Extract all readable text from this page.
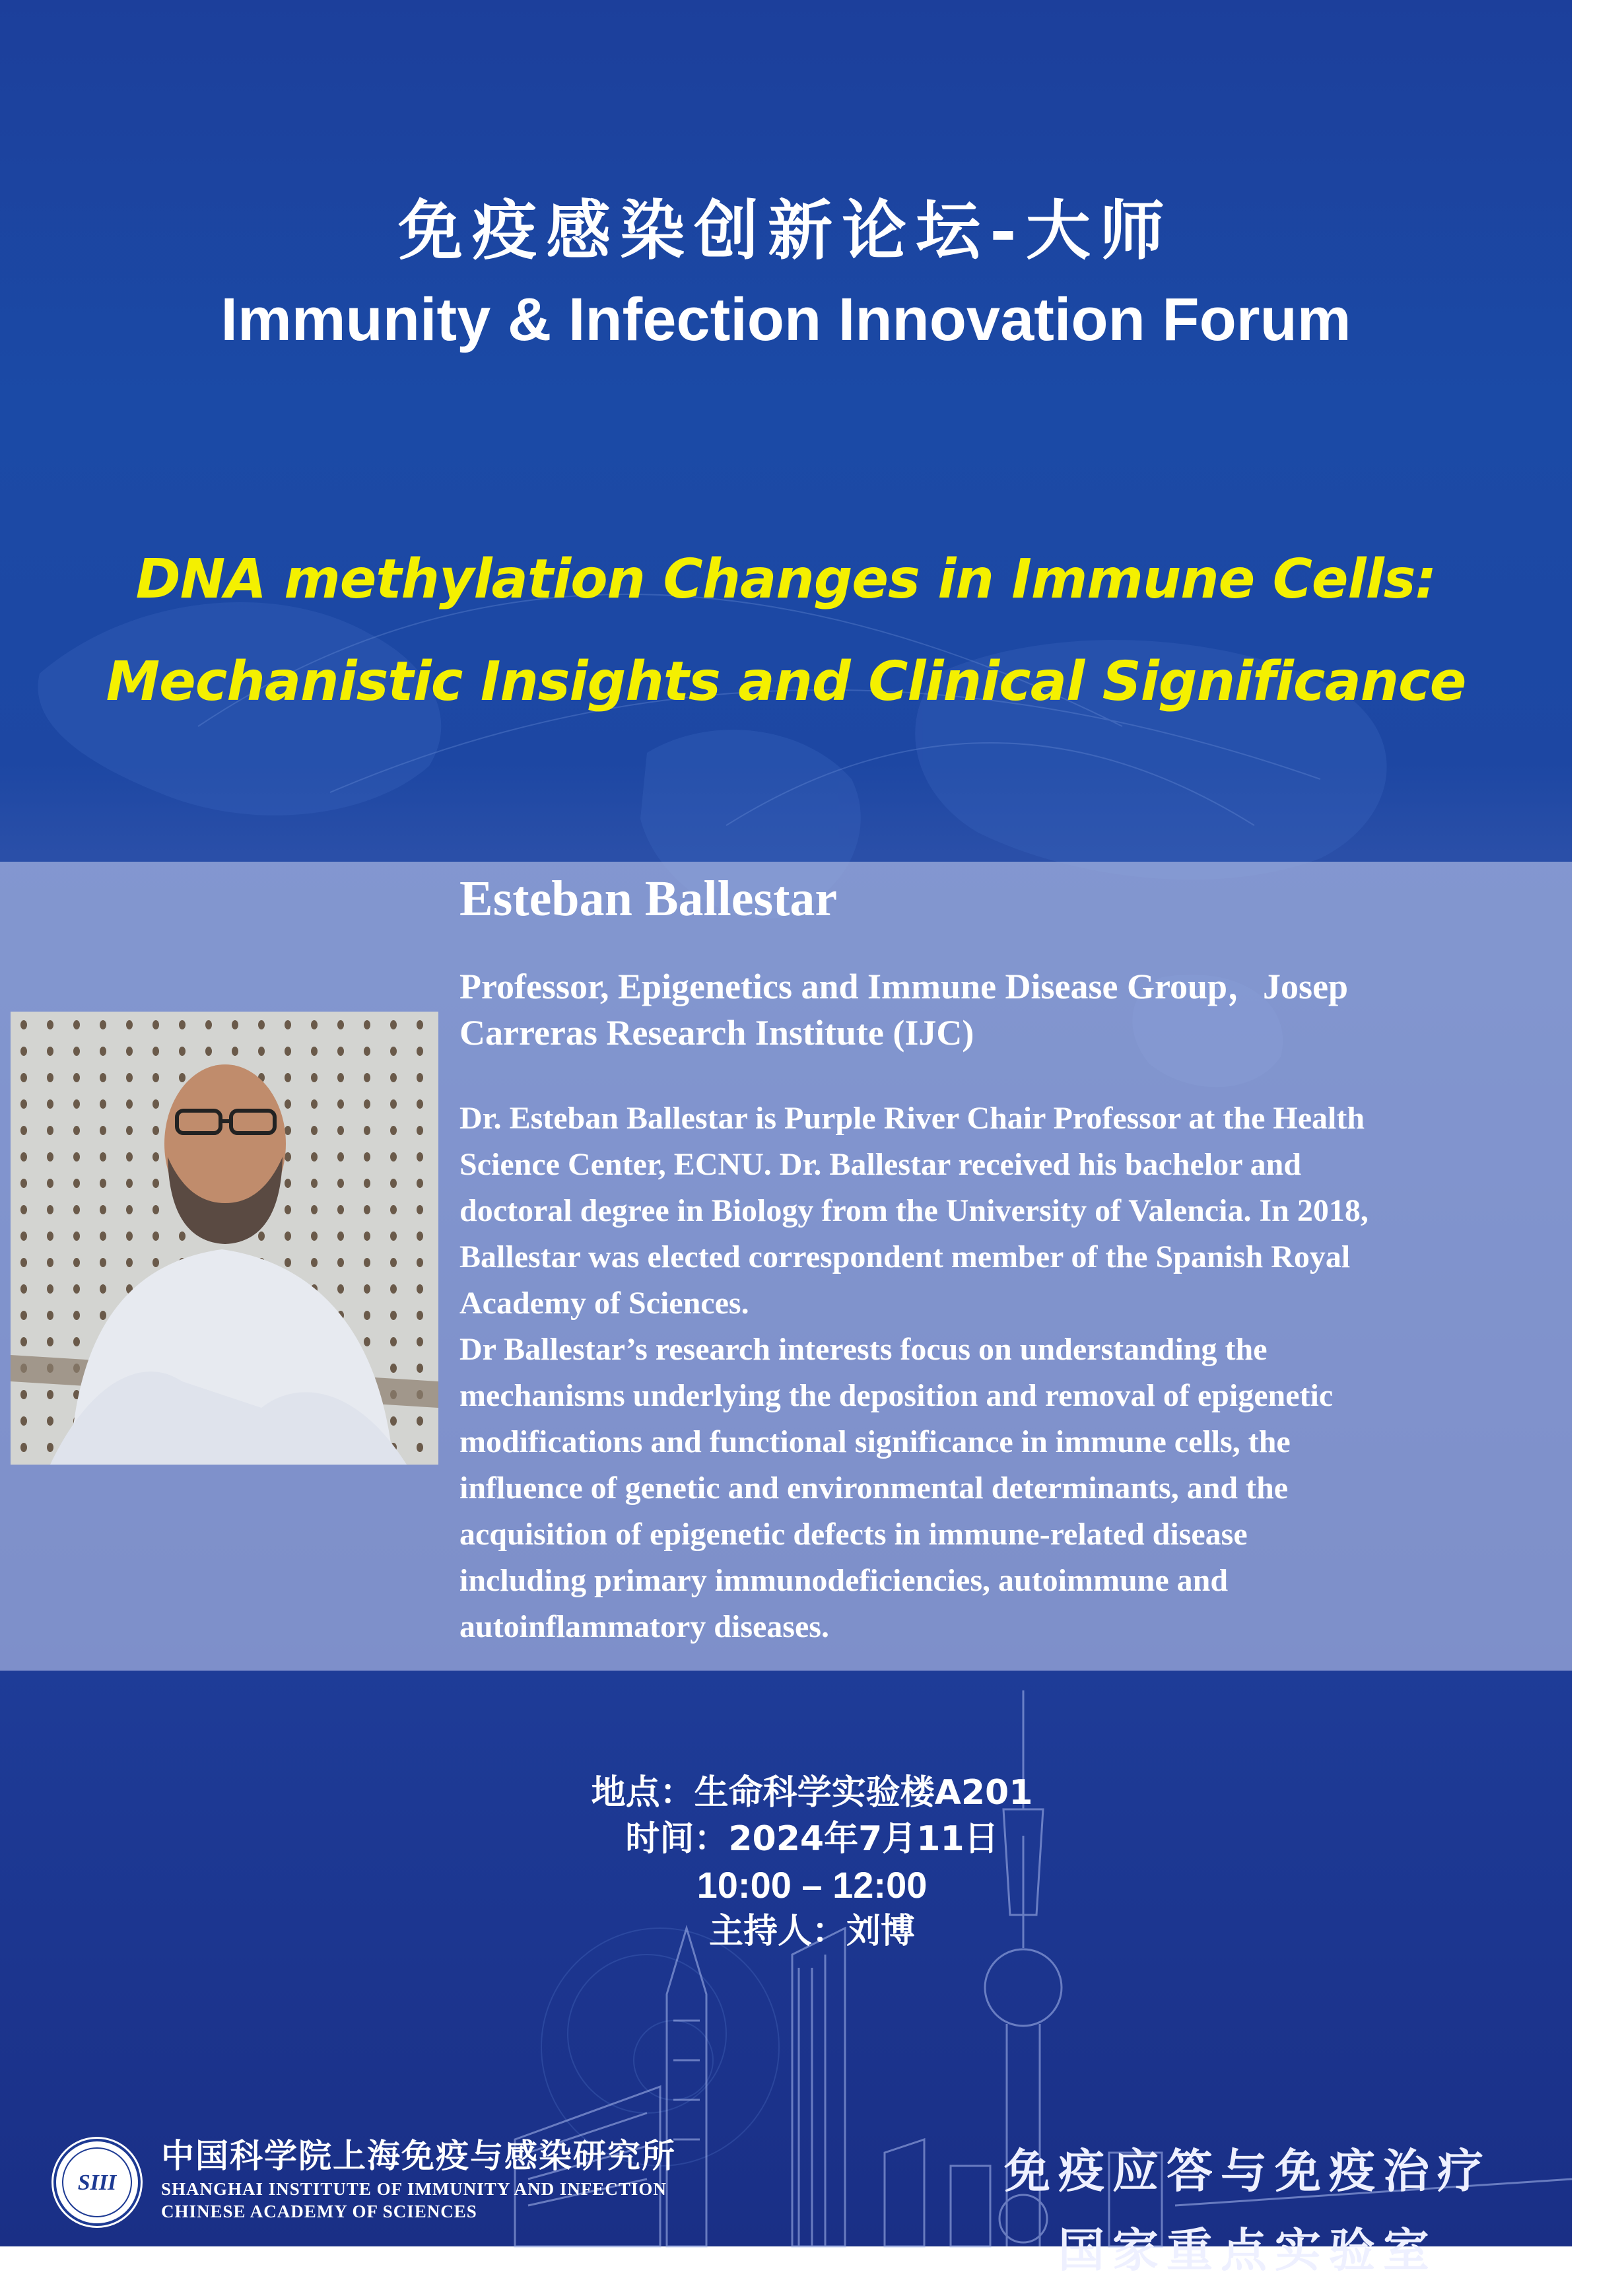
免疫感染创新论坛-大师
Immunity & Infection Innovation Forum
DNA methylation Changes in Immune Cells:
Mechanistic Insights and Clinical Significance
Esteban Ballestar
Professor, Epigenetics and Immune Disease Group，Josep
Carreras Research Institute (IJC)
Dr. Esteban Ballestar is Purple River Chair Professor at the Health
Science Center, ECNU. Dr. Ballestar received his bachelor and
doctoral degree in Biology from the University of Valencia. In 2018,
Ballestar was elected correspondent member of the Spanish Royal
Academy of Sciences.
Dr Ballestar’s research interests focus on understanding the
mechanisms underlying the deposition and removal of epigenetic
modifications and functional significance in immune cells, the
influence of genetic and environmental determinants, and the
acquisition of epigenetic defects in immune-related disease
including primary immunodeficiencies, autoimmune and
autoinflammatory diseases.
地点：生命科学实验楼A201
时间：2024年7月11日
10:00 – 12:00
主持人：刘博
SIII
中国科学院上海免疫与感染研究所
SHANGHAI INSTITUTE OF IMMUNITY AND INFECTION
CHINESE ACADEMY OF SCIENCES
免疫应答与免疫治疗
国家重点实验室
